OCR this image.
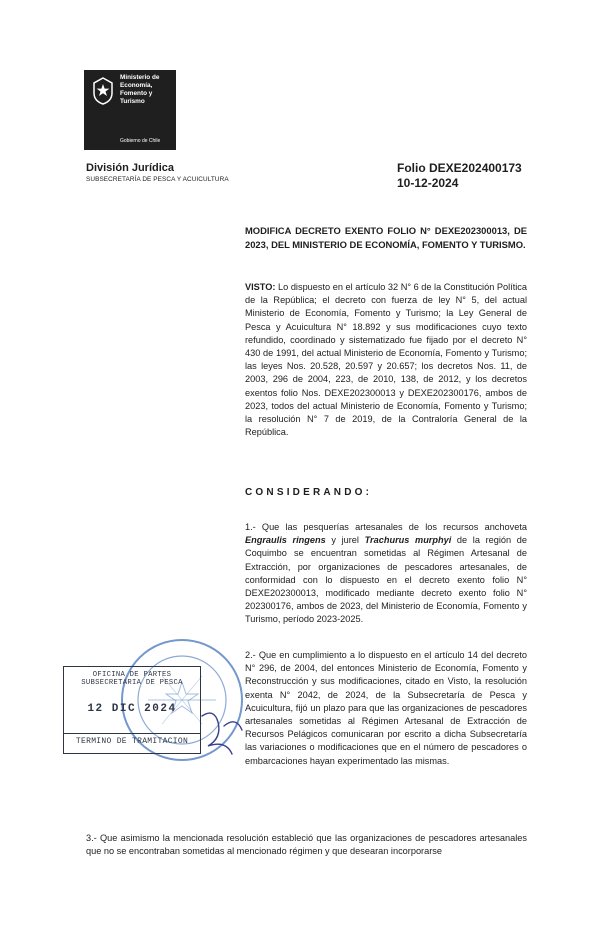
Ministerio de
Economía,
Fomento y
Turismo
Gobierno de Chile
División Jurídica
SUBSECRETARÍA DE PESCA Y ACUICULTURA
Folio DEXE202400173
10-12-2024
MODIFICA DECRETO EXENTO FOLIO N° DEXE202300013, DE 2023, DEL MINISTERIO DE ECONOMÍA, FOMENTO Y TURISMO.
VISTO: Lo dispuesto en el artículo 32 N° 6 de la Constitución Política de la República; el decreto con fuerza de ley N° 5, del actual Ministerio de Economía, Fomento y Turismo; la Ley General de Pesca y Acuicultura N° 18.892 y sus modificaciones cuyo texto refundido, coordinado y sistematizado fue fijado por el decreto N° 430 de 1991, del actual Ministerio de Economía, Fomento y Turismo; las leyes Nos. 20.528, 20.597 y 20.657; los decretos Nos. 11, de 2003, 296 de 2004, 223, de 2010, 138, de 2012, y los decretos exentos folio Nos. DEXE202300013 y DEXE202300176, ambos de 2023, todos del actual Ministerio de Economía, Fomento y Turismo; la resolución N° 7 de 2019, de la Contraloría General de la República.
CONSIDERANDO:
1.- Que las pesquerías artesanales de los recursos anchoveta Engraulis ringens y jurel Trachurus murphyi de la región de Coquimbo se encuentran sometidas al Régimen Artesanal de Extracción, por organizaciones de pescadores artesanales, de conformidad con lo dispuesto en el decreto exento folio N° DEXE202300013, modificado mediante decreto exento folio N° 202300176, ambos de 2023, del Ministerio de Economía, Fomento y Turismo, período 2023-2025.
2.- Que en cumplimiento a lo dispuesto en el artículo 14 del decreto N° 296, de 2004, del entonces Ministerio de Economía, Fomento y Reconstrucción y sus modificaciones, citado en Visto, la resolución exenta N° 2042, de 2024, de la Subsecretaría de Pesca y Acuicultura, fijó un plazo para que las organizaciones de pescadores artesanales sometidas al Régimen Artesanal de Extracción de Recursos Pelágicos comunicaran por escrito a dicha Subsecretaría las variaciones o modificaciones que en el número de pescadores o embarcaciones hayan experimentado las mismas.
3.- Que asimismo la mencionada resolución estableció que las organizaciones de pescadores artesanales que no se encontraban sometidas al mencionado régimen y que desearan incorporarse
OFICINA DE PARTES
SUBSECRETARIA DE PESCA
12 DIC 2024
TERMINO DE TRAMITACION
